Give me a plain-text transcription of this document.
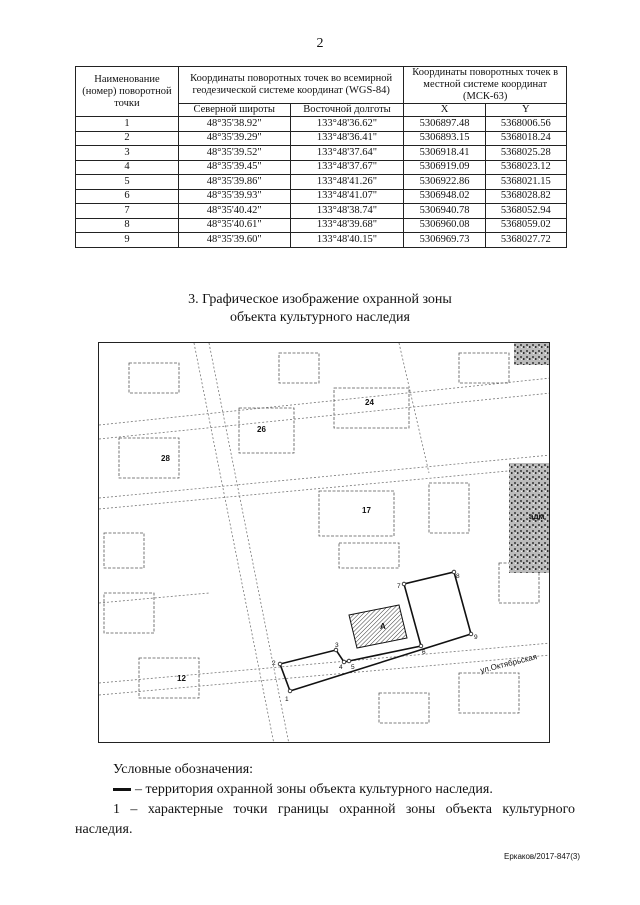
2
Наименование (номер) поворотной точки	Координаты поворотных точек во всемирной геодезической системе координат (WGS-84)		Координаты поворотных точек в местной системе координат (МСК-63)	
	Северной широты	Восточной долготы	X	Y
1	48°35'38.92"	133°48'36.62"	5306897.48	5368006.56
2	48°35'39.29"	133°48'36.41"	5306893.15	5368018.24
3	48°35'39.52"	133°48'37.64"	5306918.41	5368025.28
4	48°35'39.45"	133°48'37.67"	5306919.09	5368023.12
5	48°35'39.86"	133°48'41.26"	5306922.86	5368021.15
6	48°35'39.93"	133°48'41.07"	5306948.02	5368028.82
7	48°35'40.42"	133°48'38.74"	5306940.78	5368052.94
8	48°35'40.61"	133°48'39.68"	5306960.08	5368059.02
9	48°35'39.60"	133°48'40.15"	5306969.73	5368027.72
3. Графическое изображение охранной зоны
объекта культурного наследия
1
2
3
4 5
6
7
8
9
24
26
28
17
12
А
адм
ул.Октябрьская
Условные обозначения:
– территория охранной зоны объекта культурного наследия.
1 – характерные точки границы охранной зоны объекта культурного наследия.
Еркаков/2017-847(3)
